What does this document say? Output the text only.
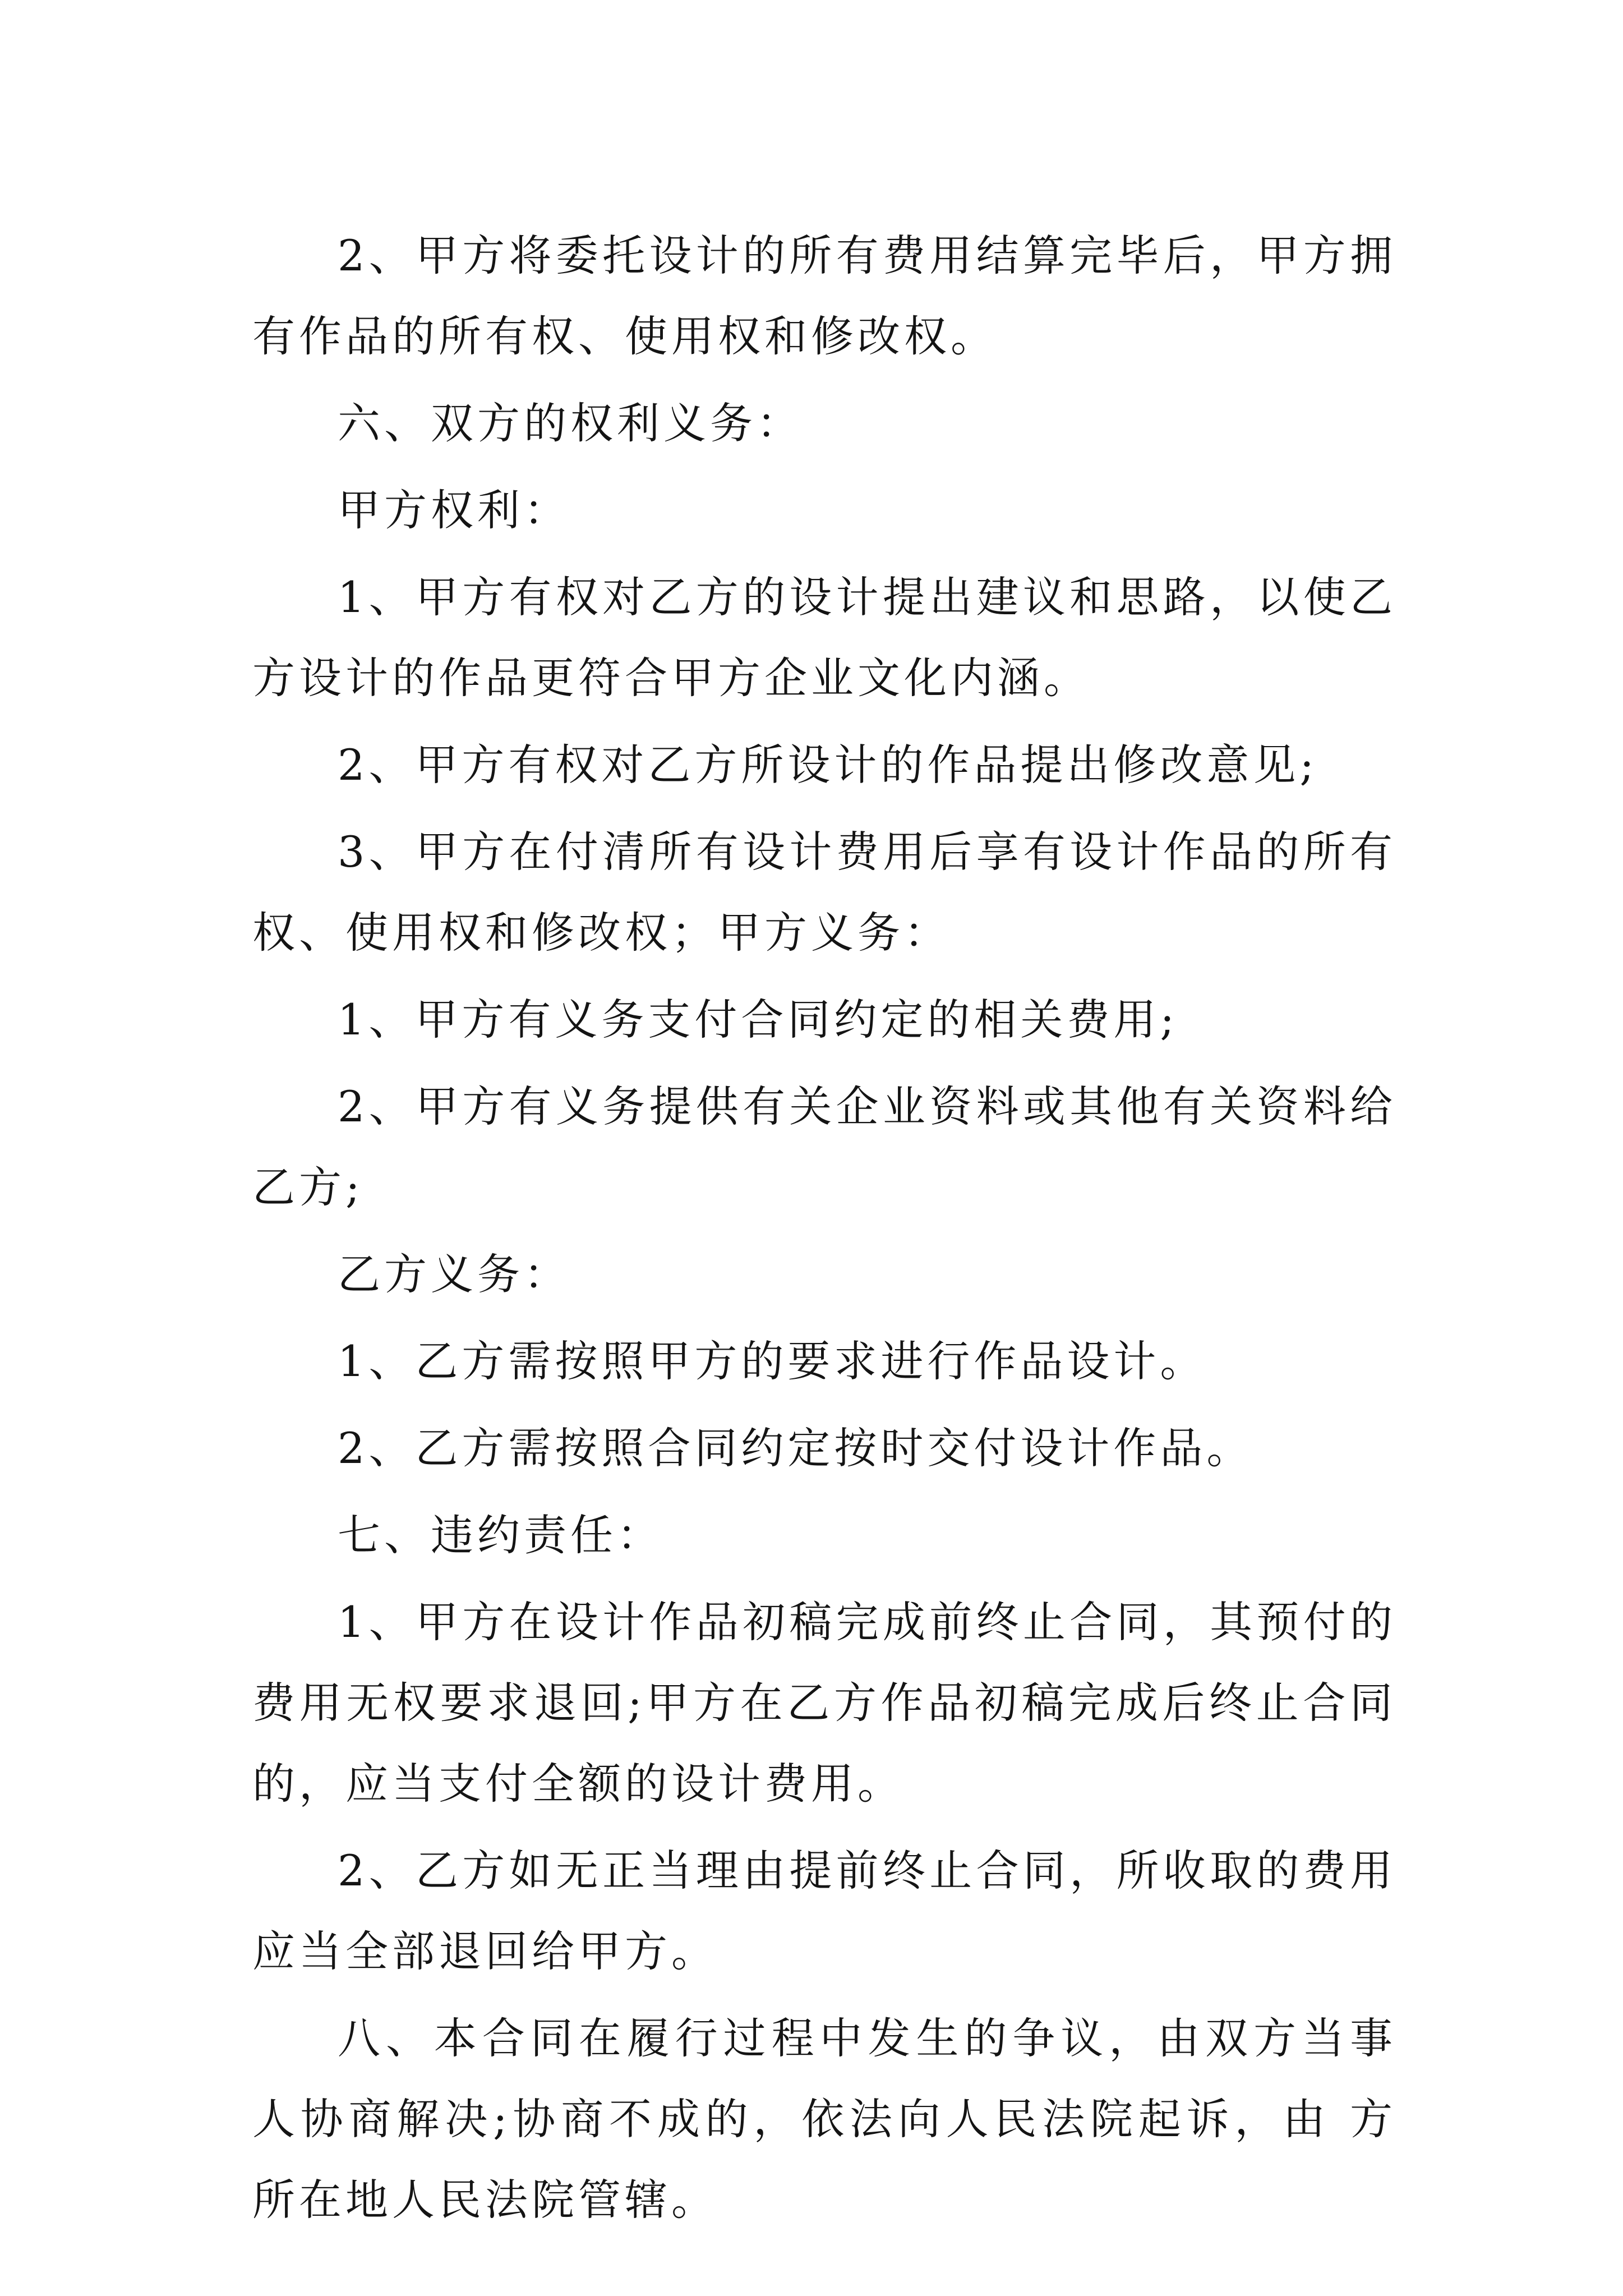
2、甲方将委托设计的所有费用结算完毕后，甲方拥有作品的所有权、使用权和修改权。

六、双方的权利义务：

甲方权利：

1、甲方有权对乙方的设计提出建议和思路，以使乙方设计的作品更符合甲方企业文化内涵。

2、甲方有权对乙方所设计的作品提出修改意见;

3、甲方在付清所有设计费用后享有设计作品的所有权、使用权和修改权；甲方义务：

1、甲方有义务支付合同约定的相关费用;

2、甲方有义务提供有关企业资料或其他有关资料给乙方;

乙方义务：

1、乙方需按照甲方的要求进行作品设计。

2、乙方需按照合同约定按时交付设计作品。

七、违约责任：

1、甲方在设计作品初稿完成前终止合同，其预付的费用无权要求退回;甲方在乙方作品初稿完成后终止合同的，应当支付全额的设计费用。

2、乙方如无正当理由提前终止合同，所收取的费用应当全部退回给甲方。

八、本合同在履行过程中发生的争议，由双方当事人协商解决;协商不成的，依法向人民法院起诉，由 方所在地人民法院管辖。
